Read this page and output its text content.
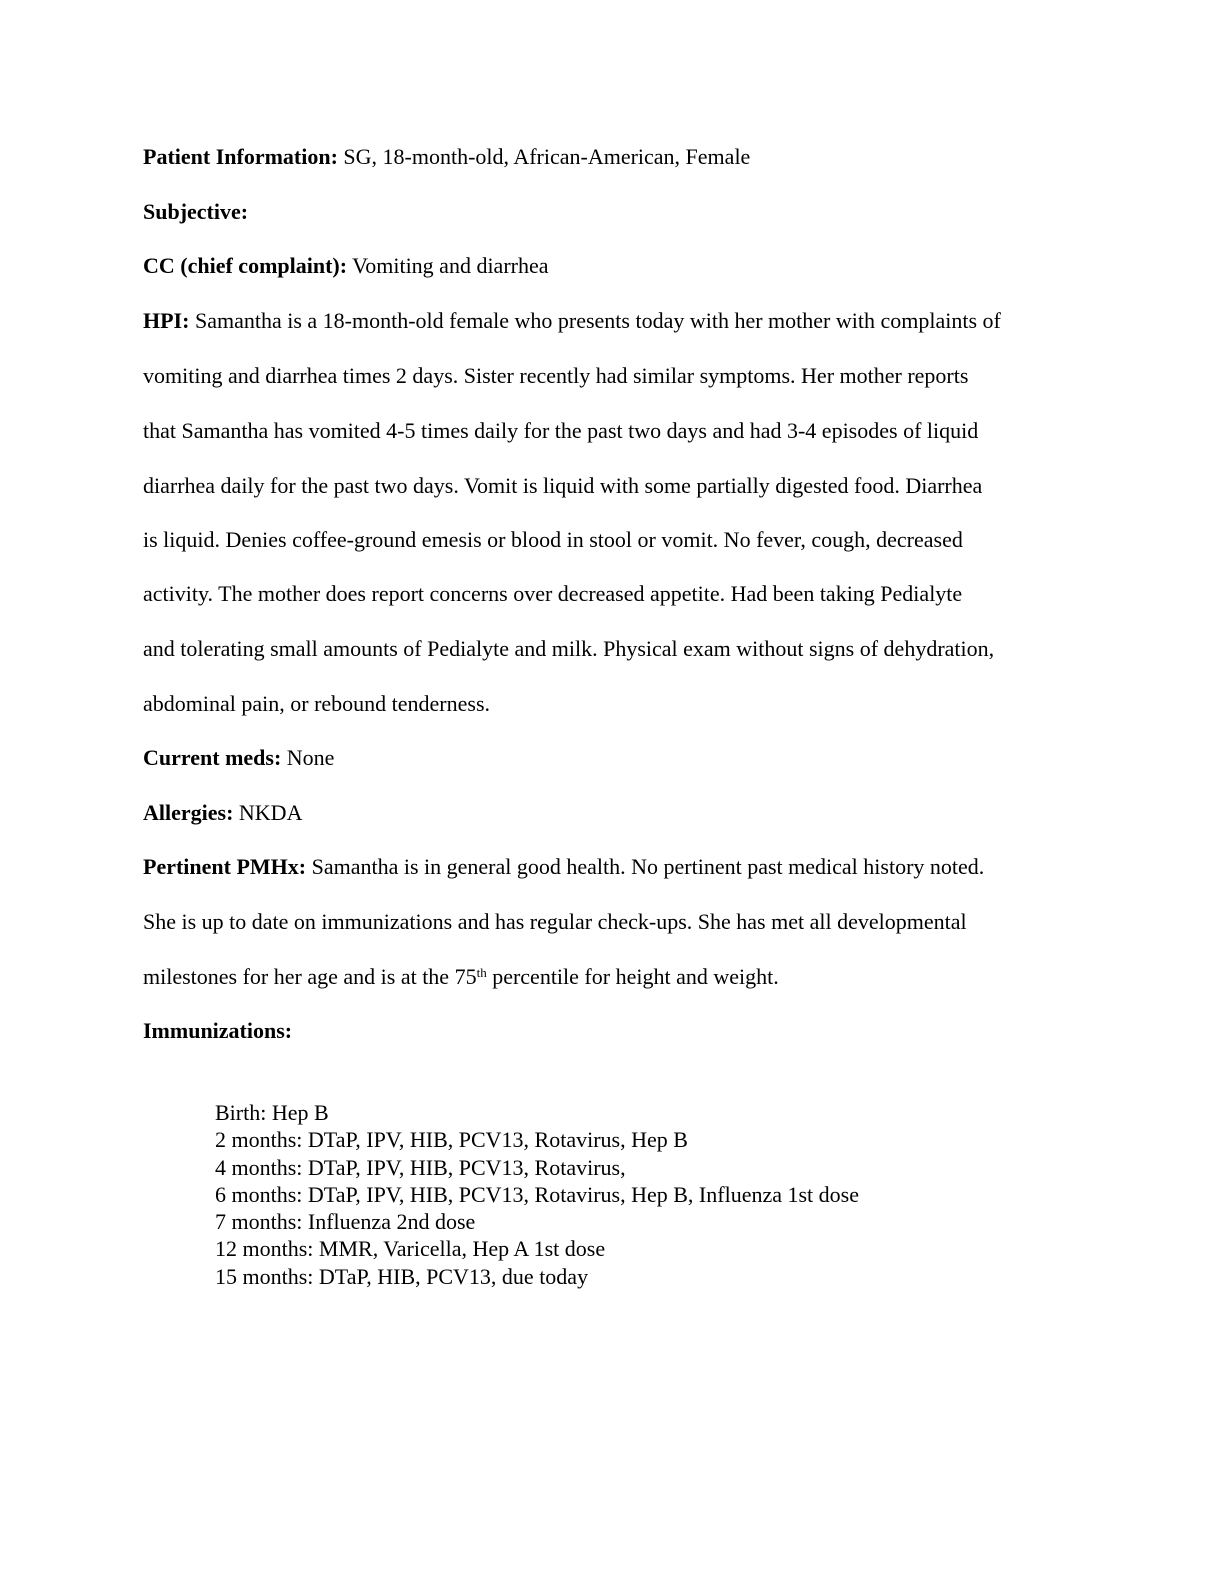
Patient Information: SG, 18-month-old, African-American, Female
Subjective:
CC (chief complaint): Vomiting and diarrhea
HPI: Samantha is a 18-month-old female who presents today with her mother with complaints of
vomiting and diarrhea times 2 days. Sister recently had similar symptoms. Her mother reports
that Samantha has vomited 4-5 times daily for the past two days and had 3-4 episodes of liquid
diarrhea daily for the past two days. Vomit is liquid with some partially digested food. Diarrhea
is liquid. Denies coffee-ground emesis or blood in stool or vomit. No fever, cough, decreased
activity. The mother does report concerns over decreased appetite. Had been taking Pedialyte
and tolerating small amounts of Pedialyte and milk. Physical exam without signs of dehydration,
abdominal pain, or rebound tenderness.
Current meds: None
Allergies: NKDA
Pertinent PMHx: Samantha is in general good health. No pertinent past medical history noted.
She is up to date on immunizations and has regular check-ups. She has met all developmental
milestones for her age and is at the 75th percentile for height and weight.
Immunizations:
Birth: Hep B
2 months: DTaP, IPV, HIB, PCV13, Rotavirus, Hep B
4 months: DTaP, IPV, HIB, PCV13, Rotavirus,
6 months: DTaP, IPV, HIB, PCV13, Rotavirus, Hep B, Influenza 1st dose
7 months: Influenza 2nd dose
12 months: MMR, Varicella, Hep A 1st dose
15 months: DTaP, HIB, PCV13, due today
